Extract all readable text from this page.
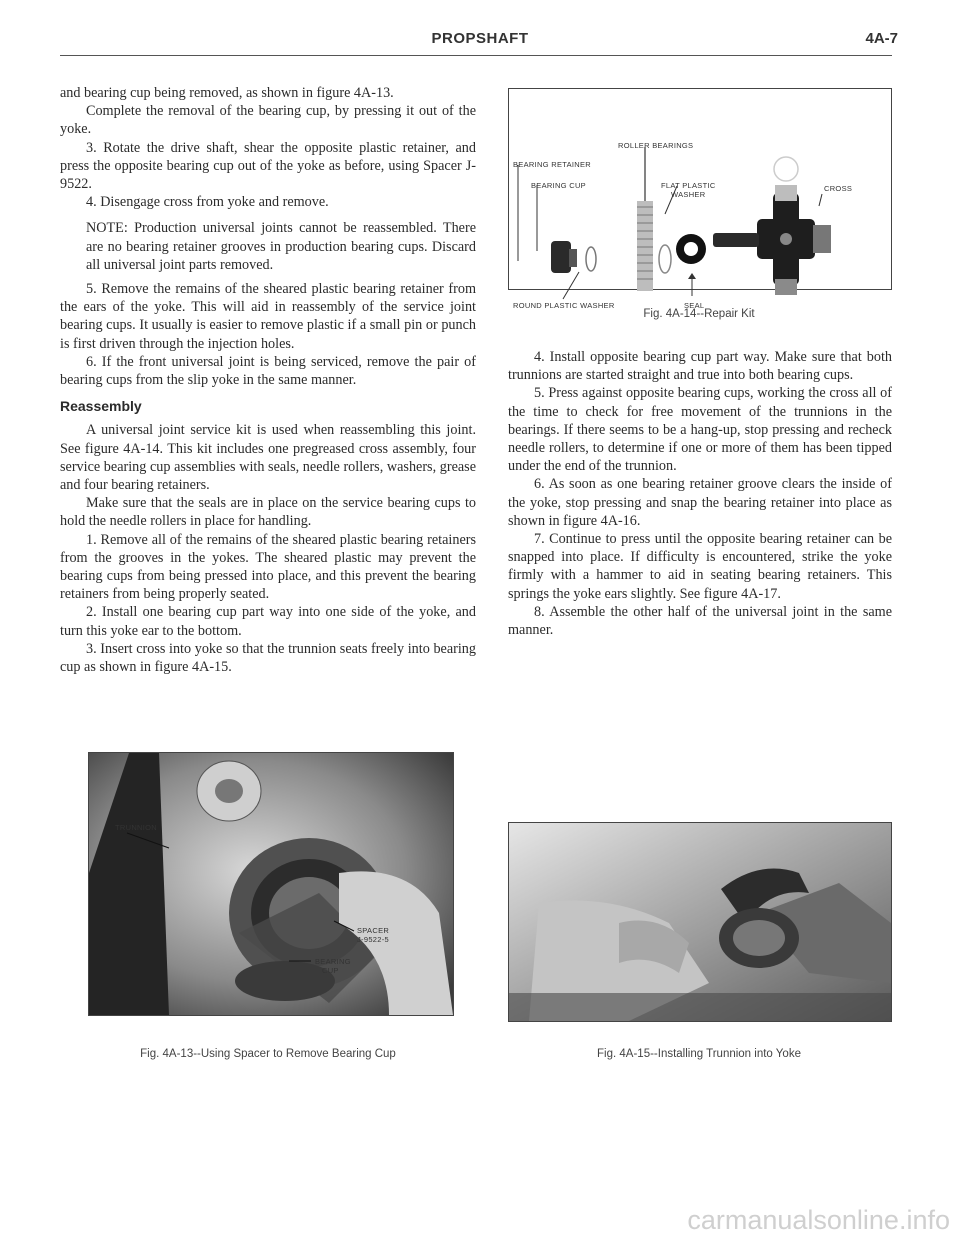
PROPSHAFT	4A-7

and bearing cup being removed, as shown in figure 4A-13.

Complete the removal of the bearing cup, by pressing it out of the yoke.

3. Rotate the drive shaft, shear the opposite plastic retainer, and press the opposite bearing cup out of the yoke as before, using Spacer J-9522.

4. Disengage cross from yoke and remove.

NOTE: Production universal joints cannot be reassembled. There are no bearing retainer grooves in production bearing cups. Discard all universal joint parts removed.

5. Remove the remains of the sheared plastic bearing retainer from the ears of the yoke. This will aid in reassembly of the service joint bearing cups. It usually is easier to remove plastic if a small pin or punch is first driven through the injection holes.

6. If the front universal joint is being serviced, remove the pair of bearing cups from the slip yoke in the same manner.

Reassembly

A universal joint service kit is used when reassembling this joint. See figure 4A-14. This kit includes one pregreased cross assembly, four service bearing cup assemblies with seals, needle rollers, washers, grease and four bearing retainers.

Make sure that the seals are in place on the service bearing cups to hold the needle rollers in place for handling.

1. Remove all of the remains of the sheared plastic bearing retainers from the grooves in the yokes. The sheared plastic may prevent the bearing cups from being pressed into place, and this prevent the bearing retainers from being properly seated.

2. Install one bearing cup part way into one side of the yoke, and turn this yoke ear to the bottom.

3. Insert cross into yoke so that the trunnion seats freely into bearing cup as shown in figure 4A-15.

ROLLER BEARINGS
BEARING RETAINER
BEARING CUP	FLAT PLASTIC
WASHER
CROSS
ROUND PLASTIC WASHER	SEAL
Fig. 4A-14--Repair Kit

4. Install opposite bearing cup part way. Make sure that both trunnions are started straight and true into both bearing cups.

5. Press against opposite bearing cups, working the cross all of the time to check for free movement of the trunnions in the bearings. If there seems to be a hang-up, stop pressing and recheck needle rollers, to determine if one or more of them has been tipped under the end of the trunnion.

6. As soon as one bearing retainer groove clears the inside of the yoke, stop pressing and snap the bearing retainer into place as shown in figure 4A-16.

7. Continue to press until the opposite bearing retainer can be snapped into place. If difficulty is encountered, strike the yoke firmly with a hammer to aid in seating bearing retainers. This springs the yoke ears slightly. See figure 4A-17.

8. Assemble the other half of the universal joint in the same manner.

TRUNNION
SPACER
J-9522-5
BEARING
CUP
Fig. 4A-13--Using Spacer to Remove Bearing Cup	Fig. 4A-15--Installing Trunnion into Yoke
carmanualsonline.info
